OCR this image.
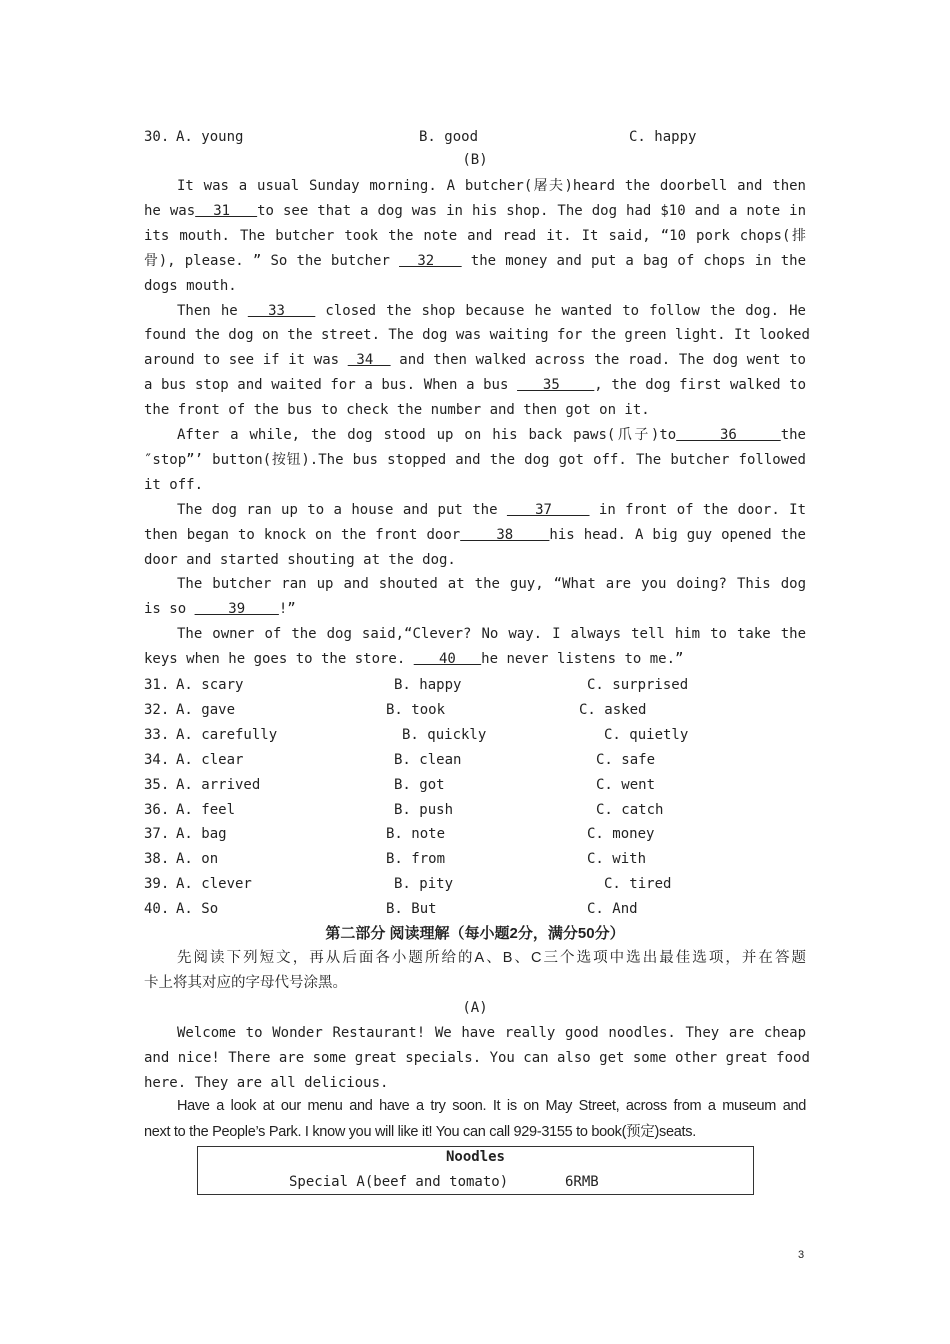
30. A. young	B. good	C. happy
(B)
It was a usual Sunday morning. A butcher(屠夫)heard the doorbell and then
he was  31   to see that a dog was in his shop. The dog had $10 and a note in
its mouth. The butcher took the note and read it. It said, “10 pork chops(排
骨), please. ” So the butcher   32    the money and put a bag of chops in the
dogs mouth.
Then he   33    closed the shop because he wanted to follow the dog. He
found the dog on the street. The dog was waiting for the green light. It looked
around to see if it was  34   and then walked across the road. The dog went to
a bus stop and waited for a bus. When a bus    35    , the dog first walked to
the front of the bus to check the number and then got on it.
After a while, the dog stood up on his back paws(爪子)to    36    the
″stop”’ button(按钮).The bus stopped and the dog got off. The butcher followed
it off.
The dog ran up to a house and put the    37     in front of the door. It
then began to knock on the front door    38    his head. A big guy opened the
door and started shouting at the dog.
The butcher ran up and shouted at the guy, “What are you doing? This dog
is so     39    !”
The owner of the dog said,“Clever? No way. I always tell him to take the
keys when he goes to the store.    40   he never listens to me.”
31. A. scary	B. happy	C. surprised
32. A. gave	B. took	C. asked
33. A. carefully	B. quickly	C. quietly
34. A. clear	B. clean	C. safe
35. A. arrived	B. got	C. went
36. A. feel	B. push	C. catch
37. A. bag	B. note	C. money
38. A. on	B. from	C. with
39. A. clever	B. pity	C. tired
40. A. So	B. But	C. And
第二部分 阅读理解（每小题2分，满分50分）
先阅读下列短文，再从后面各小题所给的A、B、C三个选项中选出最佳选项，并在答题
卡上将其对应的字母代号涂黑。
(A)
Welcome to Wonder Restaurant! We have really good noodles. They are cheap
and nice! There are some great specials. You can also get some other great food
here. They are all delicious.
Have a look at our menu and have a try soon. It is on May Street, across from a museum and
next to the People’s Park. I know you will like it! You can call 929-3155 to book(预定)seats.
Noodles
Special A(beef and tomato)	6RMB
3
